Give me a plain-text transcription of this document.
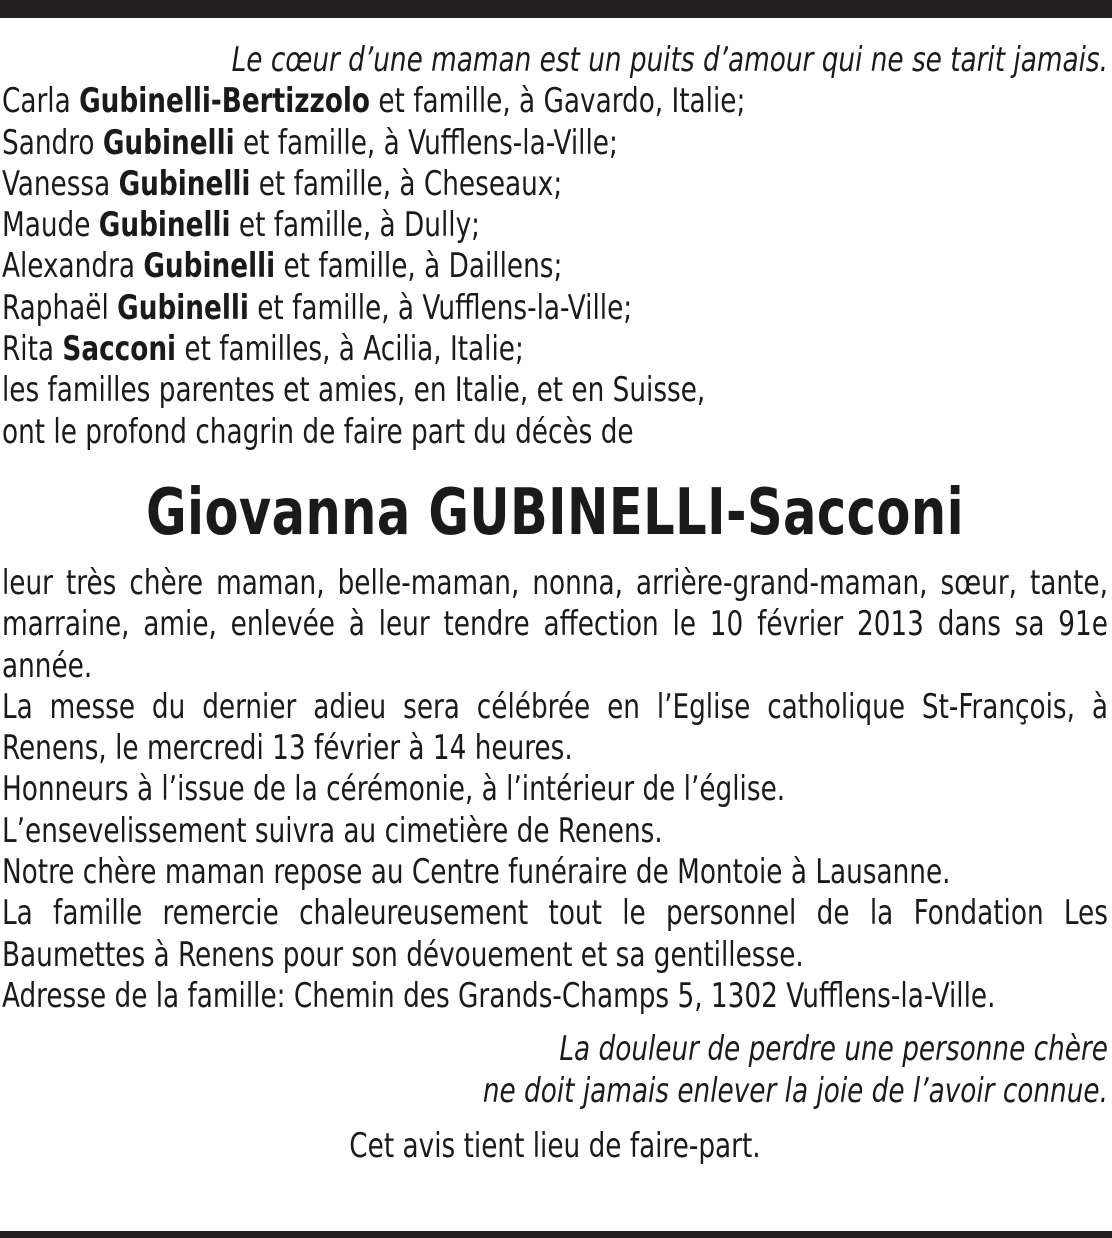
Le cœur d’une maman est un puits d’amour qui ne se tarit jamais.

Carla Gubinelli-Bertizzolo et famille, à Gavardo, Italie;

Sandro Gubinelli et famille, à Vufflens-la-Ville;

Vanessa Gubinelli et famille, à Cheseaux;

Maude Gubinelli et famille, à Dully;

Alexandra Gubinelli et famille, à Daillens;

Raphaël Gubinelli et famille, à Vufflens-la-Ville;

Rita Sacconi et familles, à Acilia, Italie;

les familles parentes et amies, en Italie, et en Suisse,

ont le profond chagrin de faire part du décès de

Giovanna GUBINELLI-Sacconi

leur très chère maman, belle-maman, nonna, arrière-grand-maman, sœur, tante, marraine, amie, enlevée à leur tendre affection le 10 février 2013 dans sa 91e année.

La messe du dernier adieu sera célébrée en l’Eglise catholique St-François, à Renens, le mercredi 13 février à 14 heures.

Honneurs à l’issue de la cérémonie, à l’intérieur de l’église.

L’ensevelissement suivra au cimetière de Renens.

Notre chère maman repose au Centre funéraire de Montoie à Lausanne.

La famille remercie chaleureusement tout le personnel de la Fondation Les Baumettes à Renens pour son dévouement et sa gentillesse.

Adresse de la famille: Chemin des Grands-Champs 5, 1302 Vufflens-la-Ville.

La douleur de perdre une personne chère
ne doit jamais enlever la joie de l’avoir connue.

Cet avis tient lieu de faire-part.
